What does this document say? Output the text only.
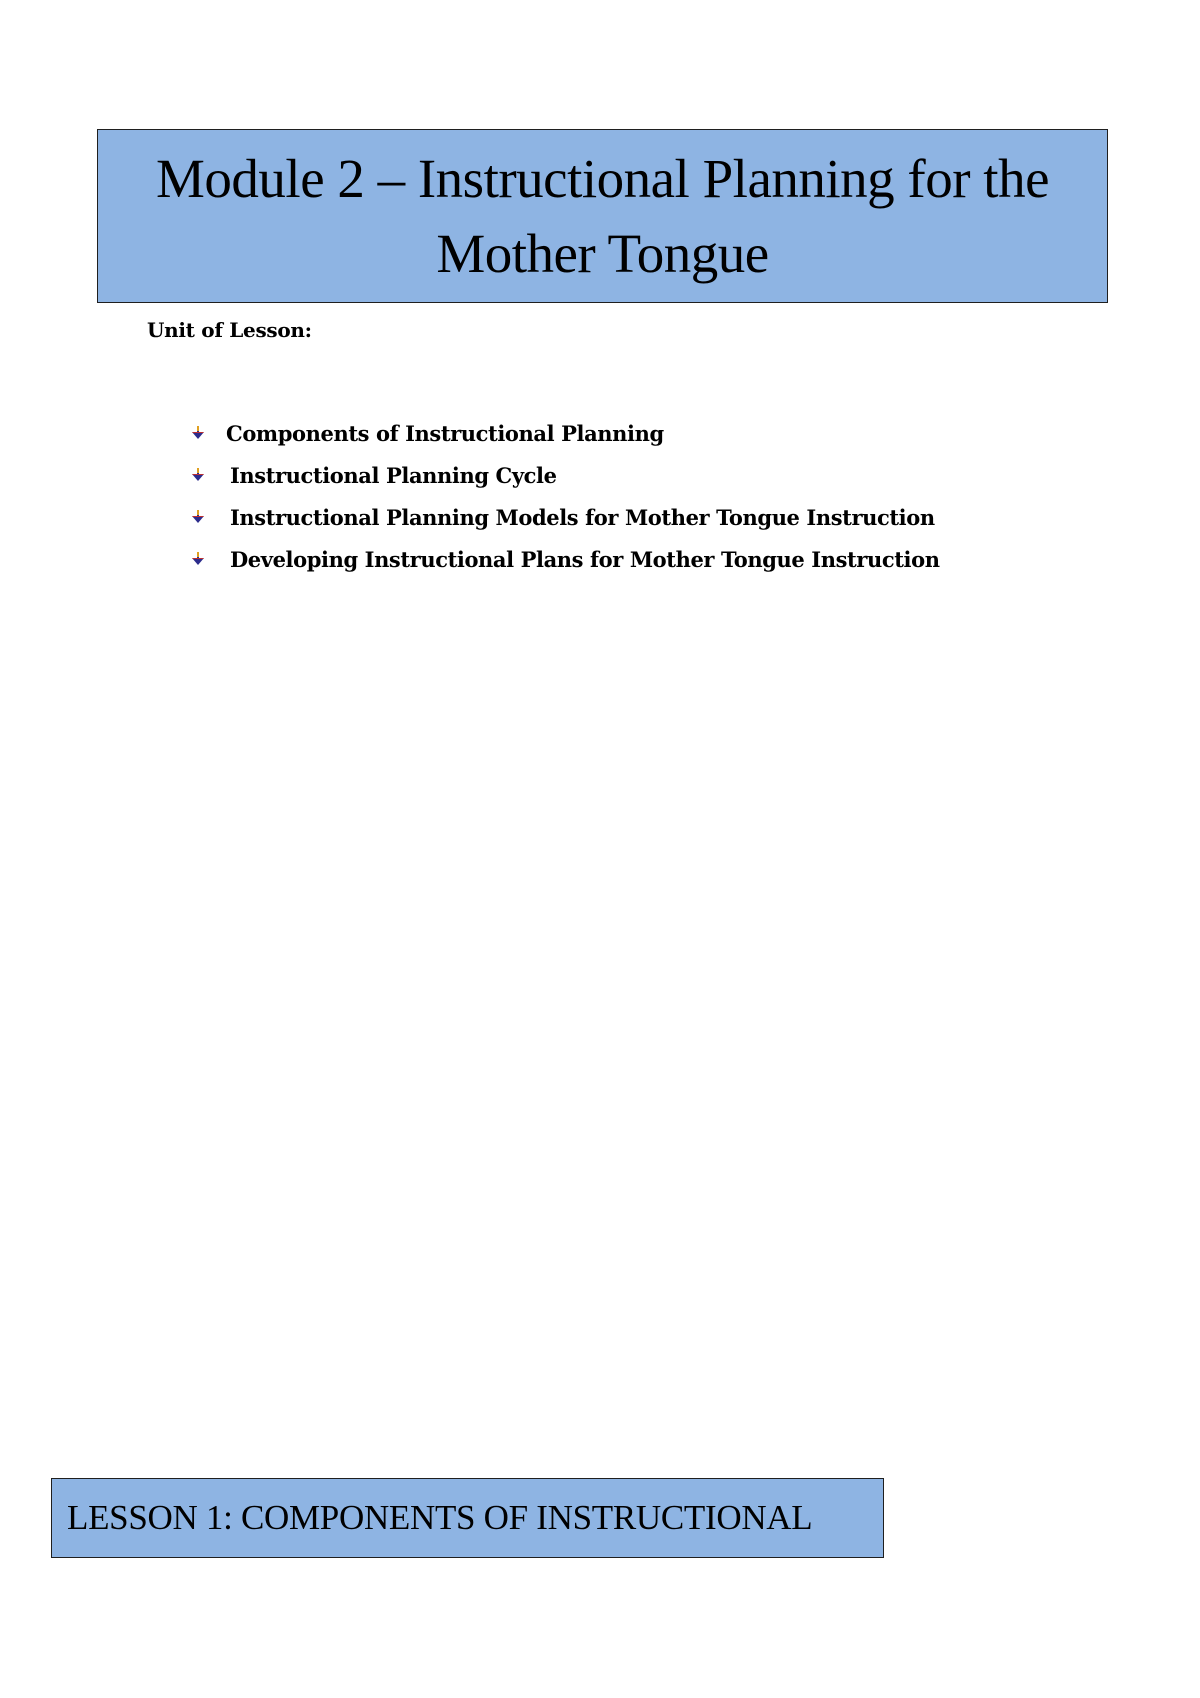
Module 2 – Instructional Planning for the
Mother Tongue
Unit of Lesson:
Components of Instructional Planning
Instructional Planning Cycle
Instructional Planning Models for Mother Tongue Instruction
Developing Instructional Plans for Mother Tongue Instruction
LESSON 1: COMPONENTS OF INSTRUCTIONAL
